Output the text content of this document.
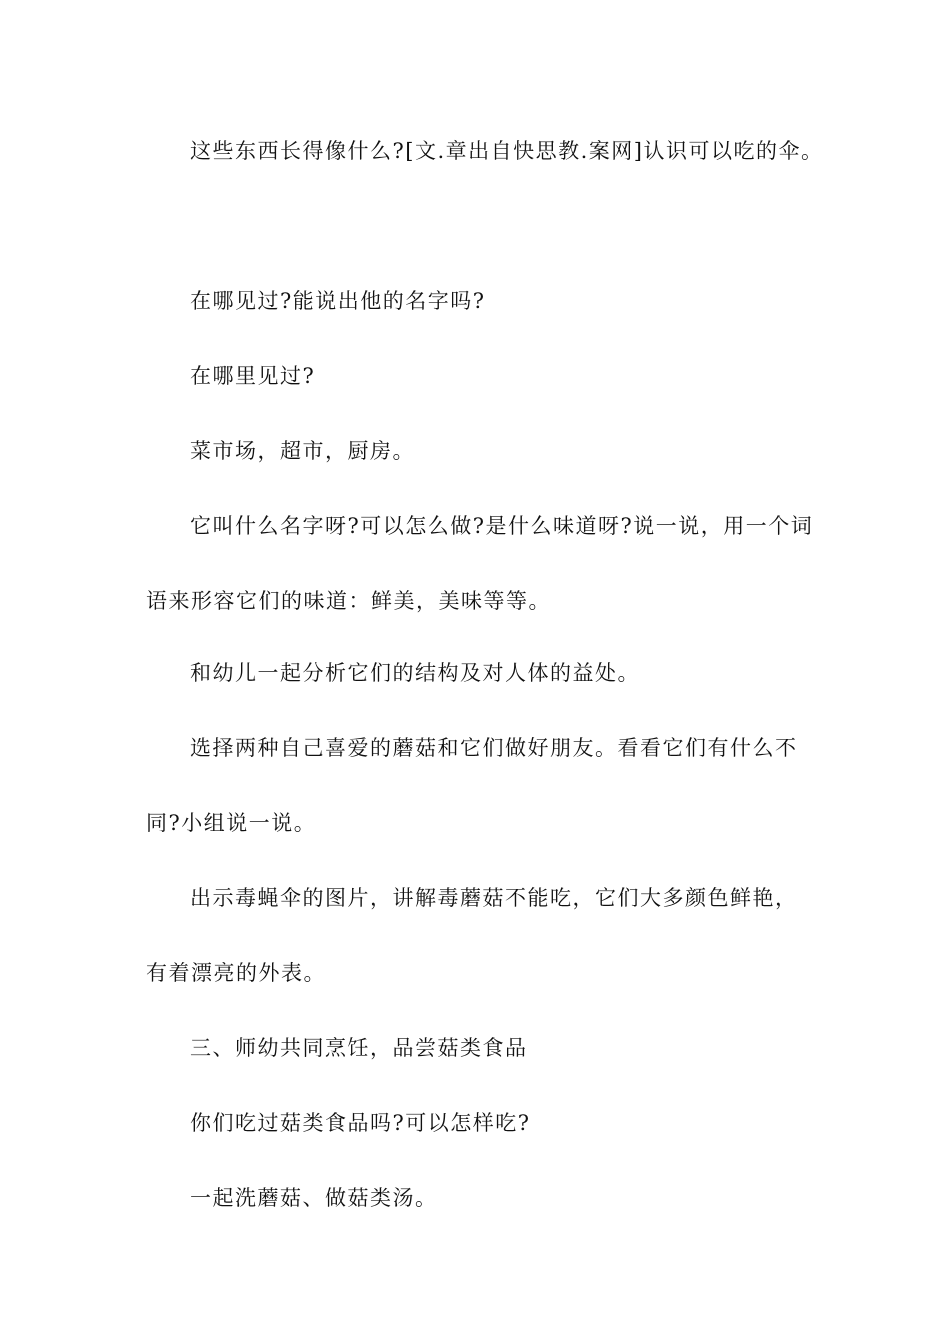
这些东西长得像什么?[文.章出自快思教.案网]认识可以吃的伞。
在哪见过?能说出他的名字吗?
在哪里见过?
菜市场，超市，厨房。
它叫什么名字呀?可以怎么做?是什么味道呀?说一说，用一个词
语来形容它们的味道：鲜美，美味等等。
和幼儿一起分析它们的结构及对人体的益处。
选择两种自己喜爱的蘑菇和它们做好朋友。看看它们有什么不
同?小组说一说。
出示毒蝇伞的图片，讲解毒蘑菇不能吃，它们大多颜色鲜艳，
有着漂亮的外表。
三、师幼共同烹饪，品尝菇类食品
你们吃过菇类食品吗?可以怎样吃?
一起洗蘑菇、做菇类汤。
